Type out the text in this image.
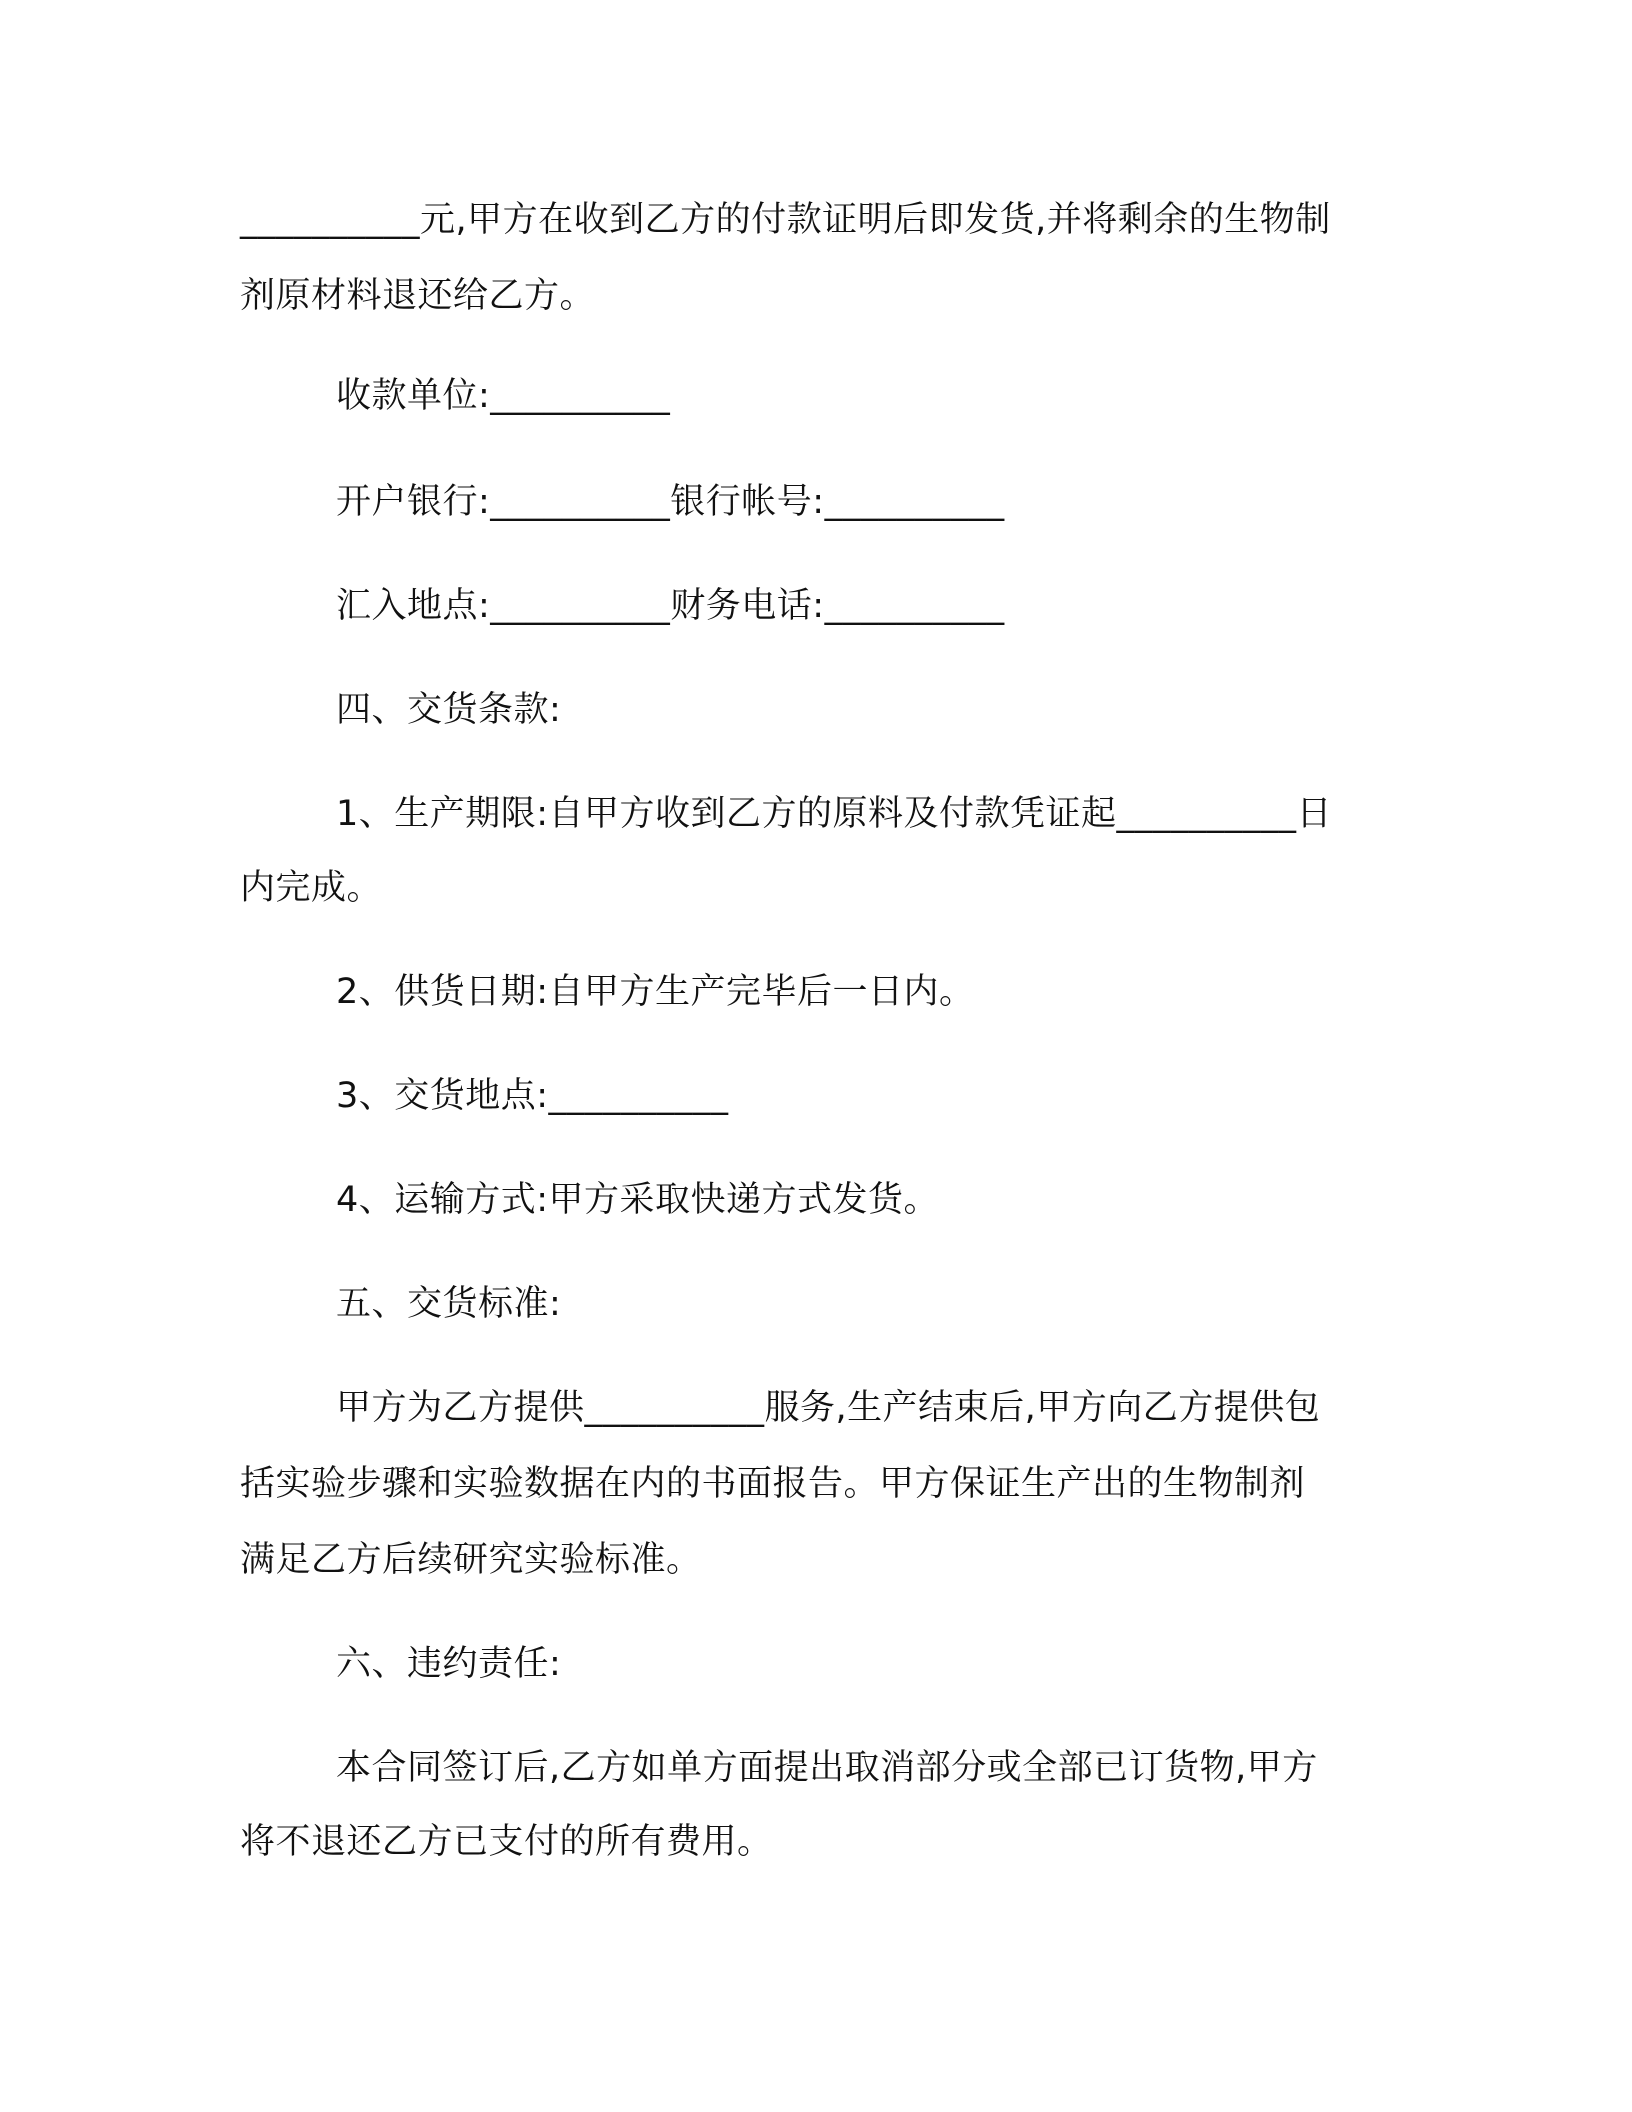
__________元,甲方在收到乙方的付款证明后即发货,并将剩余的生物制
剂原材料退还给乙方。
收款单位:__________
开户银行:__________银行帐号:__________
汇入地点:__________财务电话:__________
四、交货条款:
1、生产期限:自甲方收到乙方的原料及付款凭证起__________日
内完成。
2、供货日期:自甲方生产完毕后一日内。
3、交货地点:__________
4、运输方式:甲方采取快递方式发货。
五、交货标准:
甲方为乙方提供__________服务,生产结束后,甲方向乙方提供包
括实验步骤和实验数据在内的书面报告。甲方保证生产出的生物制剂
满足乙方后续研究实验标准。
六、违约责任:
本合同签订后,乙方如单方面提出取消部分或全部已订货物,甲方
将不退还乙方已支付的所有费用。
